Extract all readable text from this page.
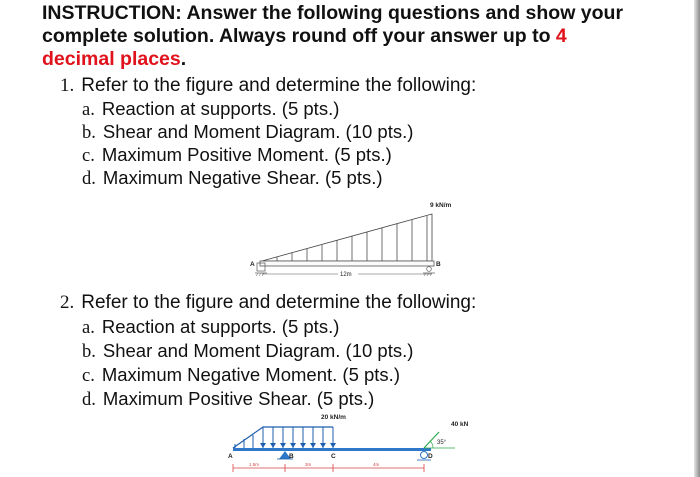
INSTRUCTION: Answer the following questions and show your complete solution. Always round off your answer up to 4
decimal places.
1. Refer to the figure and determine the following:
a. Reaction at supports. (5 pts.)
b. Shear and Moment Diagram. (10 pts.)
c. Maximum Positive Moment. (5 pts.)
d. Maximum Negative Shear. (5 pts.)
9 kN/m
A	B
12m
2. Refer to the figure and determine the following:
a. Reaction at supports. (5 pts.)
b. Shear and Moment Diagram. (10 pts.)
c. Maximum Negative Moment. (5 pts.)
d. Maximum Positive Shear. (5 pts.)
20 kN/m
40 kN
35°
A	B	C	D
1.5m	3m	4m
